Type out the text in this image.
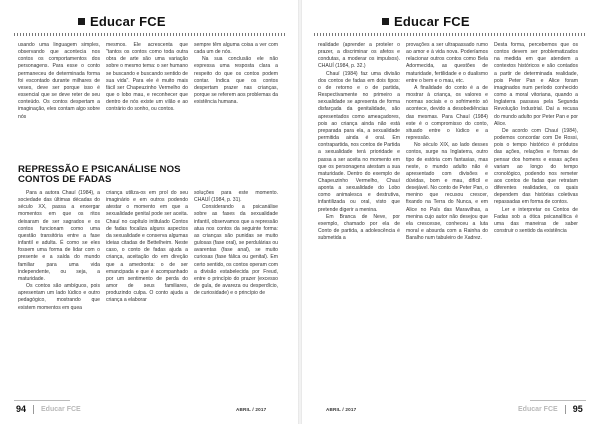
Educar FCE

usando uma linguagem simples, observando que acontecia nos contos os comportamentos dos personagens. Para esse o conto permaneceu de determinada forma foi escontado durante milhares de veses, deve ser porque isso é essencial que se deve reter de seu conteúdo. Os contos despertam a imaginação, eles contam algo sobre nós

mesmos. Ele acrescenta que "tantos os contos como toda outra obra de arte são uma variação sobre o mesmo tema: o ser humano se buscando e buscando sentido de sua vida". Para ele é muito mais fácil ser Chapeuzinho Vermelho do que o lobo mau, e reconhecer que dentro de nós existe um vilão e ao contrário do sonho, ou contos.

sempre têm alguma coisa a ver com cada um de nós.

Na sua conclusão ele não expressa uma resposta clara a respeito do que os contos podem contar. Indica que os contos despertam prazer nas crianças, porque se referem aos problemas da existência humana.

REPRESSÃO E PSICANÁLISE NOS CONTOS DE FADAS

Para a autora Chauí (1984), a sociedade das últimas décadas do século XX, passa a enxergar momentos em que os ritos deixaram de ser sagrados e os contos funcionam como uma questão transitória entre a fase infantil e adulta. É como se eles fossem uma forma de lidar com o presente e a saída do mundo familiar para uma vida independente, ou seja, a maturidade.

Os contos são ambíguos, pois apresentam um lado lúdico e outro pedagógico, mostrando que existem momentos em quea

criança utiliza-os em prol do seu imaginário e em outros podendo atestar o momento em que a sexualidade genital pode ser aceita. Chauí no capítulo intitulado Contos de fadas focaliza alguns aspectos da sexualidade e conserva algumas ideias citadas de Bettelheim. Neste caso, o conto de fadas ajuda a criança, aceitação do em direção que a amedronta: o de ser emancipada e que é acompanhado por um sentimento de perda do amor de seus familiares, produzindo culpa. O conto ajuda a criança a elaborar

soluções para este momento. CHAUÍ (1984, p. 31).

Considerando a psicanálise sobre as fases da sexualidade infantil, observamos que a repressão atua nos contos da seguinte forma: as crianças são punidas se muito gulosas (fase oral), se perdulárias ou avarentas (fase anal), se muito curiosas (fase fálica ou genital). Em certo sentido, os contos operam com a divisão estabelecida por Freud, entre o princípio do prazer (excesso de gula, de avareza ou desperdício, de curiosidade) e o princípio de

94 Educar FCE	ABRIL / 2017
Educar FCE

realidade (aprender a proteler o prazer, a discriminar os afetos e condutas, a moderar os impulsos). CHAUÍ (1984, p. 32.)

Chauí (1984) faz uma divisão dos contos de fadas em dois tipos: o de retorno e o de partida, Respectivamente no primeiro a sexualidade se apresenta de forma disfarçada da genitalidade, são apresentados como ameaçadores, pois ao criança ainda não está preparada para ela, a sexualidade permitida ainda é oral. Em contrapartida, nos contos de Partida a sexualidade terá prioridade e passa a ser aceita no momento em que os personagens atestam a sua maturidade. Dentro do exemplo de Chapeuzinho Vermelho, Chauí aponta a sexualidade do Lobo como animalesca e destrutiva, infantilizada ou oral, visto que pretende digerir a menina.

Em Branca de Neve, por exemplo, chamado por ela de Conto de partida, a adolescência é submetida a

provações a ser ultrapassado rumo ao amor e à vida nova. Poderíamos relacionar outros contos como Bela Adormecida, as questões de maturidade, fertilidade e o dualismo entre o bem e o mau, etc.

A finalidade do conto é a de mostrar à criança, os valores e normas sociais e o sofrimento só acontece, devido a desobediências das mesmas. Para Chauí (1984) este é o compromisso do conto, situado entre o lúdico e a repressão.

No século XIX, ao lado desses contos, surge na Inglaterra, outro tipo de estória com fantasias, mas neste, o mundo adulto não é apresentado com divisões e dúvidas, bom e mau, difícil e desejável. No conto de Peter Pan, o menino que recusou crescer, fixando na Terra do Nunca, e em Alice no País das Maravilhas, a menina cujo autor não desejou que ela crescesse, conheceu a luta moral e absurda com a Rainha do Baralho num tabuleiro de Xadrez.

Desta forma, percebemos que os contos devem ser problematizados na medida em que atendem a contextos históricos e são contados a partir de determinada realidade, pois Peter Pan e Alice foram imaginados num período conhecido como a moral vitoriana, quando a Inglaterra passava pela Segunda Revolução Industrial. Daí a recusa do mundo adulto por Peter Pan e por Alice.

De acordo com Chauí (1984), podemos concordar com De Rossi, pois o tempo histórico é pródutos das ações, relações e formas de pensar dos homens e essas ações variam ao longo do tempo cronológico, podendo nos remeter aos contos de fadas que retratam diferentes realidades, os quais dependem das histórias coletivas repassadas em forma de contos.

Ler e interpretar os Contos de Fadas sob a ótica psicanalítica é uma das maneiras de saber construir o sentido da existência

ABRIL / 2017	Educar FCE 95
